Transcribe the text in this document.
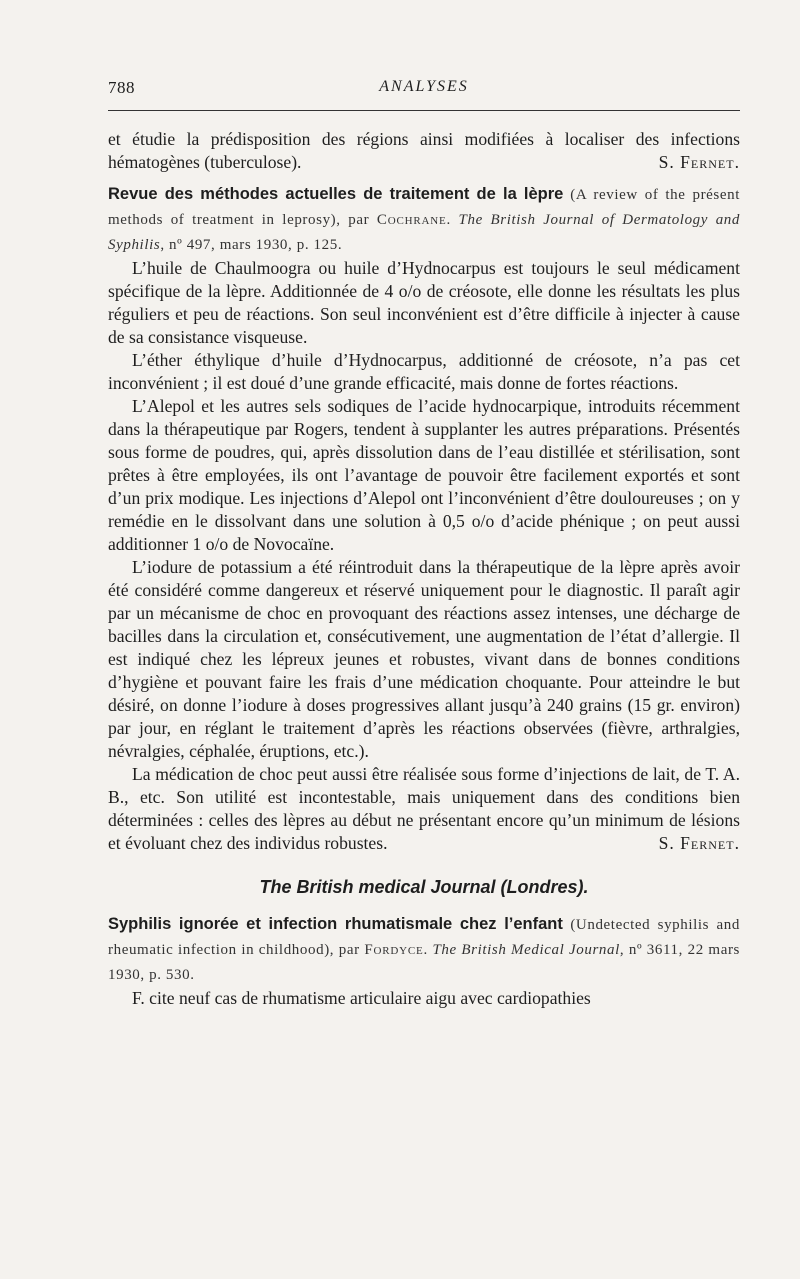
788	ANALYSES

et étudie la prédisposition des régions ainsi modifiées à localiser des infections hématogènes (tuberculose).	S. Fernet.

Revue des méthodes actuelles de traitement de la lèpre (A review of the présent methods of treatment in leprosy), par Cochrane. The British Journal of Dermatology and Syphilis, nº 497, mars 1930, p. 125.

L’huile de Chaulmoogra ou huile d’Hydnocarpus est toujours le seul médicament spécifique de la lèpre. Additionnée de 4 o/o de créosote, elle donne les résultats les plus réguliers et peu de réactions. Son seul inconvénient est d’être difficile à injecter à cause de sa consistance visqueuse.

L’éther éthylique d’huile d’Hydnocarpus, additionné de créosote, n’a pas cet inconvénient ; il est doué d’une grande efficacité, mais donne de fortes réactions.

L’Alepol et les autres sels sodiques de l’acide hydnocarpique, introduits récemment dans la thérapeutique par Rogers, tendent à supplanter les autres préparations. Présentés sous forme de poudres, qui, après dissolution dans de l’eau distillée et stérilisation, sont prêtes à être employées, ils ont l’avantage de pouvoir être facilement exportés et sont d’un prix modique. Les injections d’Alepol ont l’inconvénient d’être douloureuses ; on y remédie en le dissolvant dans une solution à 0,5 o/o d’acide phénique ; on peut aussi additionner 1 o/o de Novocaïne.

L’iodure de potassium a été réintroduit dans la thérapeutique de la lèpre après avoir été considéré comme dangereux et réservé uniquement pour le diagnostic. Il paraît agir par un mécanisme de choc en provoquant des réactions assez intenses, une décharge de bacilles dans la circulation et, consécutivement, une augmentation de l’état d’allergie. Il est indiqué chez les lépreux jeunes et robustes, vivant dans de bonnes conditions d’hygiène et pouvant faire les frais d’une médication choquante. Pour atteindre le but désiré, on donne l’iodure à doses progressives allant jusqu’à 240 grains (15 gr. environ) par jour, en réglant le traitement d’après les réactions observées (fièvre, arthralgies, névralgies, céphalée, éruptions, etc.).

La médication de choc peut aussi être réalisée sous forme d’injections de lait, de T. A. B., etc. Son utilité est incontestable, mais uniquement dans des conditions bien déterminées : celles des lèpres au début ne présentant encore qu’un minimum de lésions et évoluant chez des individus robustes.	S. Fernet.

The British medical Journal (Londres).

Syphilis ignorée et infection rhumatismale chez l’enfant (Undetected syphilis and rheumatic infection in childhood), par Fordyce. The British Medical Journal, nº 3611, 22 mars 1930, p. 530.

F. cite neuf cas de rhumatisme articulaire aigu avec cardiopathies
